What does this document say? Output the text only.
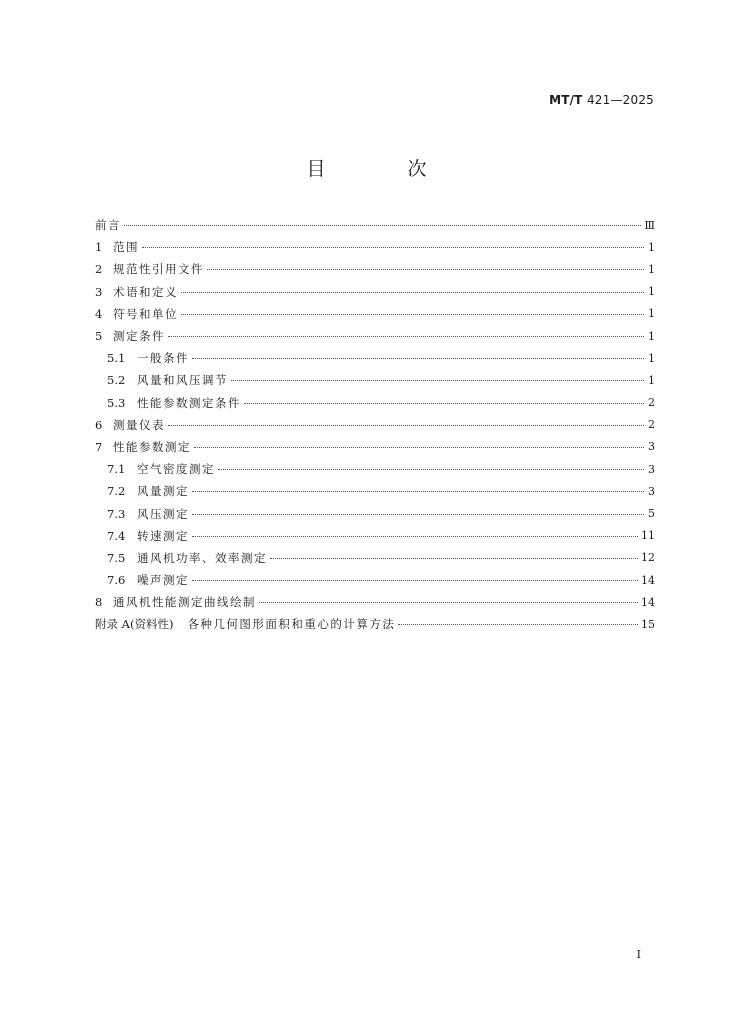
MT/T 421—2025
目 次
前言	Ⅲ
1 范围	1
2 规范性引用文件	1
3 术语和定义	1
4 符号和单位	1
5 测定条件	1
5.1	一般条件	1
5.2	风量和风压调节	1
5.3	性能参数测定条件	2
6 测量仪表	2
7 性能参数测定	3
7.1	空气密度测定	3
7.2	风量测定	3
7.3	风压测定	5
7.4	转速测定	11
7.5	通风机功率、效率测定	12
7.6	噪声测定	14
8 通风机性能测定曲线绘制	14
附录 A(资料性) 各种几何图形面积和重心的计算方法	15
Ⅰ
